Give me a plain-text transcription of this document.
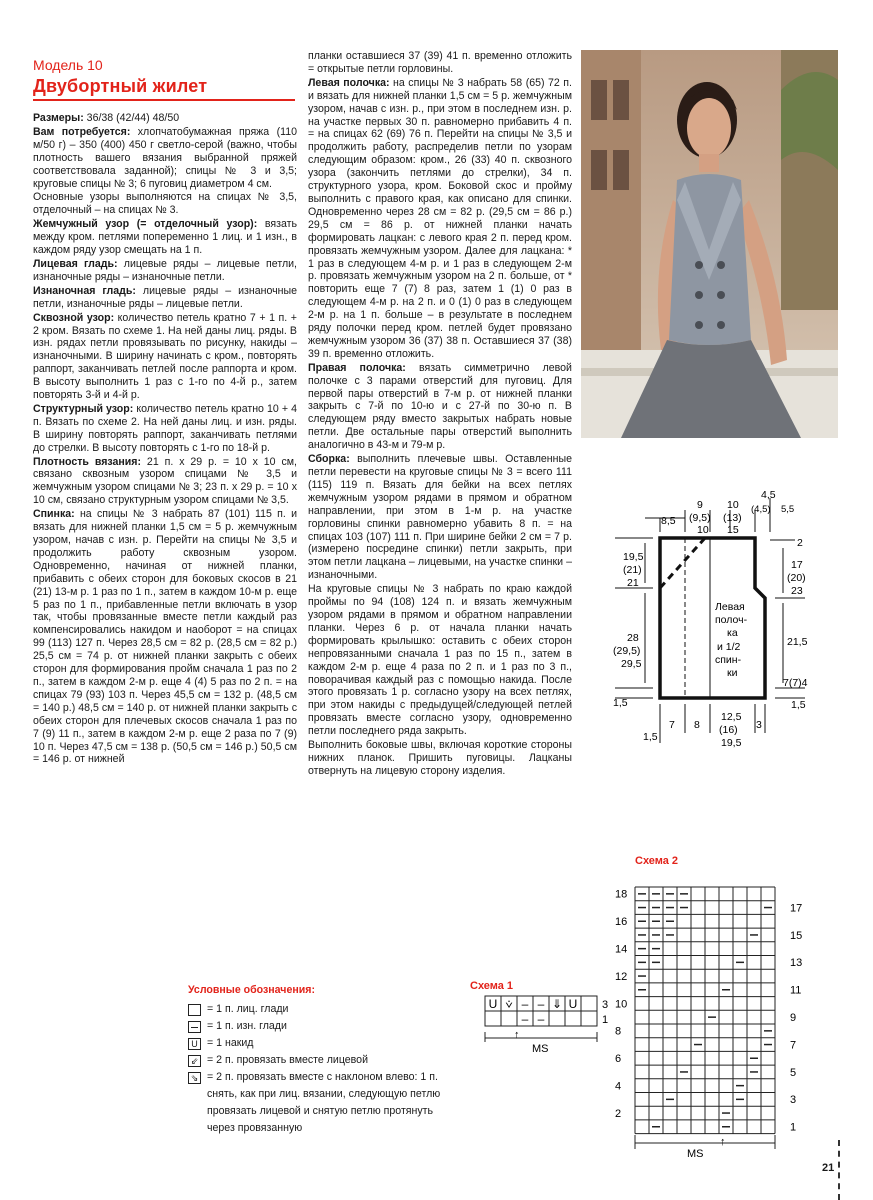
Модель 10
Двубортный жилет

Размеры: 36/38 (42/44) 48/50

Вам потребуется: хлопчатобумажная пряжа (110 м/50 г) – 350 (400) 450 г светло-серой (важно, чтобы плотность вашего вязания выбранной пряжей соответствовала заданной); спицы № 3 и 3,5; круговые спицы № 3; 6 пуговиц диаметром 4 см.

Основные узоры выполняются на спицах № 3,5, отделочный – на спицах № 3.

Жемчужный узор (= отделочный узор): вязать между кром. петлями попеременно 1 лиц. и 1 изн., в каждом ряду узор смещать на 1 п.

Лицевая гладь: лицевые ряды – лицевые петли, изнаночные ряды – изнаночные петли.

Изнаночная гладь: лицевые ряды – изнаночные петли, изнаночные ряды – лицевые петли.

Сквозной узор: количество петель кратно 7 + 1 п. + 2 кром. Вязать по схеме 1. На ней даны лиц. ряды. В изн. рядах петли провязывать по рисунку, накиды – изнаночными. В ширину начинать с кром., повторять раппорт, заканчивать петлей после раппорта и кром. В высоту выполнить 1 раз с 1-го по 4-й р., затем повторять 3-й и 4-й р.

Структурный узор: количество петель кратно 10 + 4 п. Вязать по схеме 2. На ней даны лиц. и изн. ряды. В ширину повторять раппорт, заканчивать петлями до стрелки. В высоту повторять с 1-го по 18-й р.

Плотность вязания: 21 п. х 29 р. = 10 х 10 см, связано сквозным узором спицами № 3,5 и жемчужным узором спицами № 3; 23 п. х 29 р. = 10 х 10 см, связано структурным узором спицами № 3,5.

Спинка: на спицы № 3 набрать 87 (101) 115 п. и вязать для нижней планки 1,5 см = 5 р. жемчужным узором, начав с изн. р. Перейти на спицы № 3,5 и продолжить работу сквозным узором. Одновременно, начиная от нижней планки, прибавить с обеих сторон для боковых скосов в 21 (21) 13-м р. 1 раз по 1 п., затем в каждом 10-м р. еще 5 раз по 1 п., прибавленные петли включать в узор так, чтобы провязанные вместе петли каждый раз компенсировались накидом и наоборот = на спицах 99 (113) 127 п. Через 28,5 см = 82 р. (28,5 см = 82 р.) 25,5 см = 74 р. от нижней планки закрыть с обеих сторон для формирования пройм сначала 1 раз по 2 п., затем в каждом 2-м р. еще 4 (4) 5 раз по 2 п. = на спицах 79 (93) 103 п. Через 45,5 см = 132 р. (48,5 см = 140 р.) 48,5 см = 140 р. от нижней планки закрыть с обеих сторон для плечевых скосов сначала 1 раз по 7 (9) 11 п., затем в каждом 2-м р. еще 2 раза по 7 (9) 10 п. Через 47,5 см = 138 р. (50,5 см = 146 р.) 50,5 см = 146 р. от нижней

планки оставшиеся 37 (39) 41 п. временно отложить = открытые петли горловины.

Левая полочка: на спицы № 3 набрать 58 (65) 72 п. и вязать для нижней планки 1,5 см = 5 р. жемчужным узором, начав с изн. р., при этом в последнем изн. р. на участке первых 30 п. равномерно прибавить 4 п. = на спицах 62 (69) 76 п. Перейти на спицы № 3,5 и продолжить работу, распределив петли по узорам следующим образом: кром., 26 (33) 40 п. сквозного узора (закончить петлями до стрелки), 34 п. структурного узора, кром. Боковой скос и пройму выполнить с правого края, как описано для спинки. Одновременно через 28 см = 82 р. (29,5 см = 86 р.) 29,5 см = 86 р. от нижней планки начать формировать лацкан: с левого края 2 п. перед кром. провязать жемчужным узором. Далее для лацкана: * 1 раз в следующем 4-м р. и 1 раз в следующем 2-м р. провязать жемчужным узором на 2 п. больше, от * повторить еще 7 (7) 8 раз, затем 1 (1) 0 раз в следующем 4-м р. на 2 п. и 0 (1) 0 раз в следующем 2-м р. на 1 п. больше – в результате в последнем ряду полочки перед кром. петлей будет провязано жемчужным узором 36 (37) 38 п. Оставшиеся 37 (38) 39 п. временно отложить.

Правая полочка: вязать симметрично левой полочке с 3 парами отверстий для пуговиц. Для первой пары отверстий в 7-м р. от нижней планки закрыть с 7-й по 10-ю и с 27-й по 30-ю п. В следующем ряду вместо закрытых набрать новые петли. Две остальные пары отверстий выполнить аналогично в 43-м и 79-м р.

Сборка: выполнить плечевые швы. Оставленные петли перевести на круговые спицы № 3 = всего 111 (115) 119 п. Вязать для бейки на всех петлях жемчужным узором рядами в прямом и обратном направлении, при этом в 1-м р. на участке горловины спинки равномерно убавить 8 п. = на спицах 103 (107) 111 п. При ширине бейки 2 см = 7 р. (измерено посредине спинки) петли закрыть, при этом петли лацкана – лицевыми, на участке спинки – изнаночными.

На круговые спицы № 3 набрать по краю каждой проймы по 94 (108) 124 п. и вязать жемчужным узором рядами в прямом и обратном направлении планки. Через 6 р. от начала планки начать формировать крылышко: оставить с обеих сторон непровязанными сначала 1 раз по 15 п., затем в каждом 2-м р. еще 4 раза по 2 п. и 1 раз по 3 п., поворачивая каждый раз с помощью накида. После этого провязать 1 р. согласно узору на всех петлях, при этом накиды с предыдущей/следующей петлей провязать вместе согласно узору, одновременно петли последнего ряда закрыть.

Выполнить боковые швы, включая короткие стороны нижних планок. Пришить пуговицы. Лацканы отвернуть на лицевую сторону изделия.

8,5
9
(9,5)
10
10
(13)
15
4,5
(4,5) 5,5
19,5
(21)
21
28
(29,5)
29,5
1,5
1,5
2
17
(20)
23
21,5
7(7)4
1,5
7 8
12,5
(16)
19,5
3
Левая
полоч-
ка
и 1/2
спин-
ки
Условные обозначения:
= 1 п. лиц. глади
= 1 п. изн. глади
U = 1 накид
⇙ = 2 п. провязать вместе лицевой
⇘ = 2 п. провязать вместе с наклоном влево: 1 п. снять, как при лиц. вязании, следующую петлю провязать лицевой и снятую петлю протянуть через провязанную
Схема 1
U ⩒ – – ⇓ U
– –
3
1
↑
MS
Схема 2
18
16
14
12
10
8
6
4
2
17
15
13
11
9
7
5
3
1
↑
MS
21
